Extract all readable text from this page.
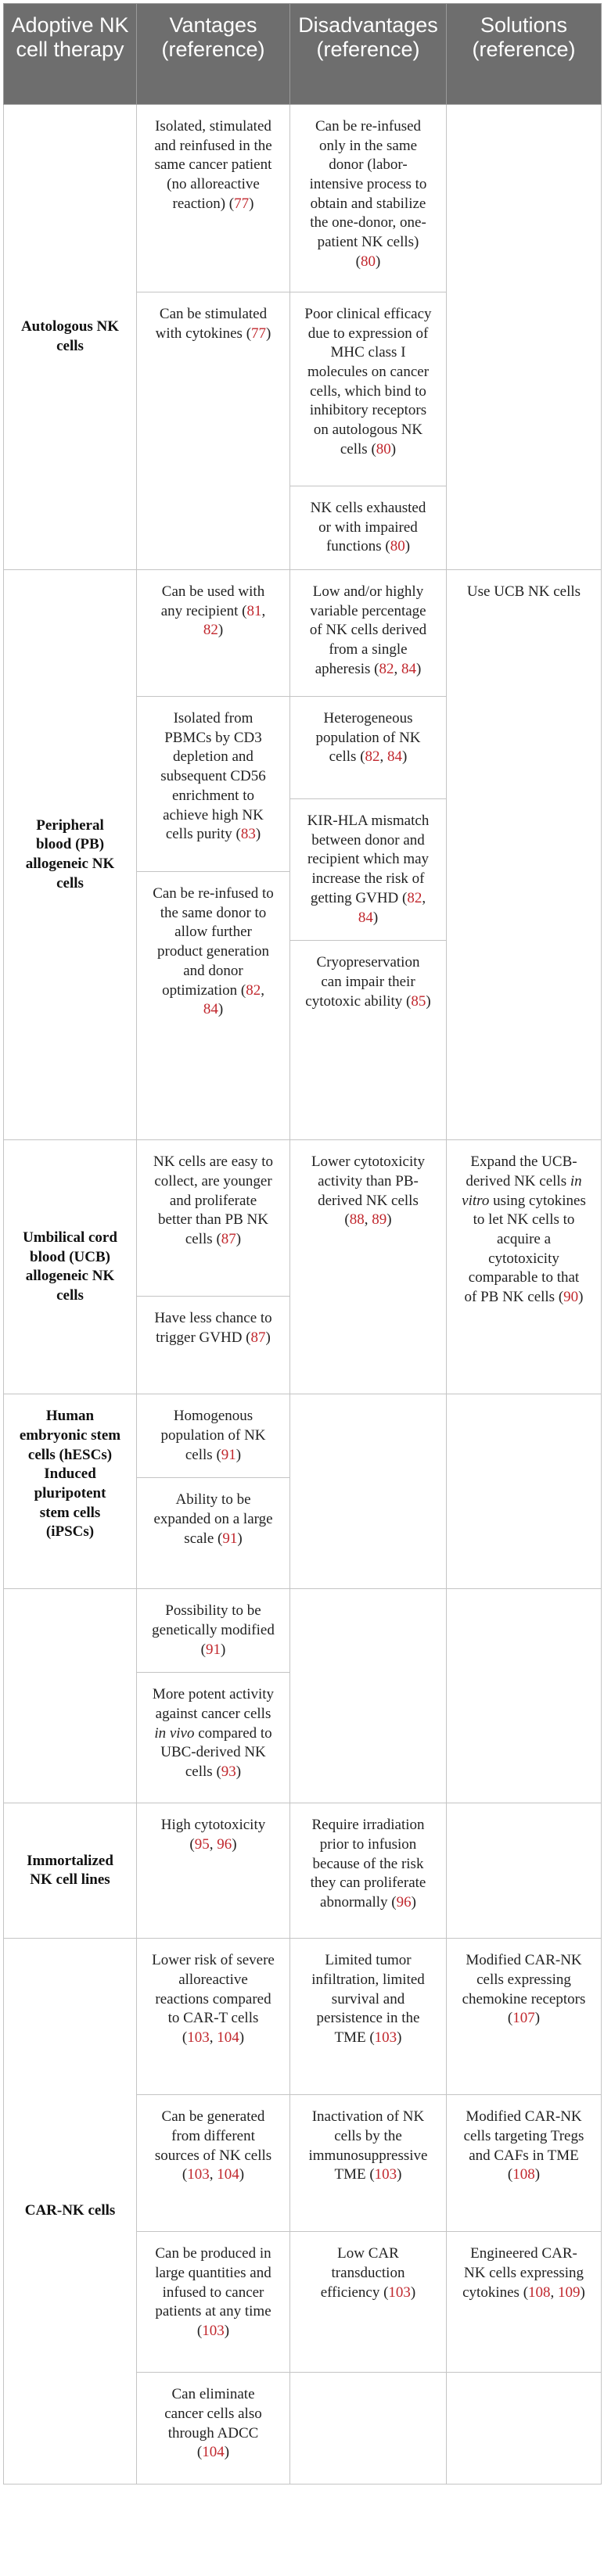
Adoptive NK cell therapy	Vantages (reference)	Disadvantages (reference)	Solutions (reference)
Autologous NK cells	Isolated, stimulated and reinfused in the same cancer patient (no alloreactive reaction) (77)	Can be re-infused only in the same donor (labor-intensive process to obtain and stabilize the one-donor, one-patient NK cells) (80)	
	Can be stimulated with cytokines (77)	Poor clinical efficacy due to expression of MHC class I molecules on cancer cells, which bind to inhibitory receptors on autologous NK cells (80)	
		NK cells exhausted or with impaired functions (80)	
Peripheral blood (PB) allogeneic NK cells	Can be used with any recipient (81, 82)	Low and/or highly variable percentage of NK cells derived from a single apheresis (82, 84)	Use UCB NK cells
	Isolated from PBMCs by CD3 depletion and subsequent CD56 enrichment to achieve high NK cells purity (83)	Heterogeneous population of NK cells (82, 84)	
		KIR-HLA mismatch between donor and recipient which may increase the risk of getting GVHD (82, 84)	
	Can be re-infused to the same donor to allow further product generation and donor optimization (82, 84)		
		Cryopreservation can impair their cytotoxic ability (85)	
Umbilical cord blood (UCB) allogeneic NK cells	NK cells are easy to collect, are younger and proliferate better than PB NK cells (87)	Lower cytotoxicity activity than PB-derived NK cells (88, 89)	Expand the UCB-derived NK cells in vitro using cytokines to let NK cells to acquire a cytotoxicity comparable to that of PB NK cells (90)
	Have less chance to trigger GVHD (87)		
Human embryonic stem cells (hESCs) Induced pluripotent stem cells (iPSCs)	Homogenous population of NK cells (91)		
	Ability to be expanded on a large scale (91)		
	Possibility to be genetically modified (91)		
	More potent activity against cancer cells in vivo compared to UBC-derived NK cells (93)		
Immortalized NK cell lines	High cytotoxicity (95, 96)	Require irradiation prior to infusion because of the risk they can proliferate abnormally (96)	
CAR-NK cells	Lower risk of severe alloreactive reactions compared to CAR-T cells (103, 104)	Limited tumor infiltration, limited survival and persistence in the TME (103)	Modified CAR-NK cells expressing chemokine receptors (107)
	Can be generated from different sources of NK cells (103, 104)	Inactivation of NK cells by the immunosuppressive TME (103)	Modified CAR-NK cells targeting Tregs and CAFs in TME (108)
	Can be produced in large quantities and infused to cancer patients at any time (103)	Low CAR transduction efficiency (103)	Engineered CAR-NK cells expressing cytokines (108, 109)
	Can eliminate cancer cells also through ADCC (104)		
